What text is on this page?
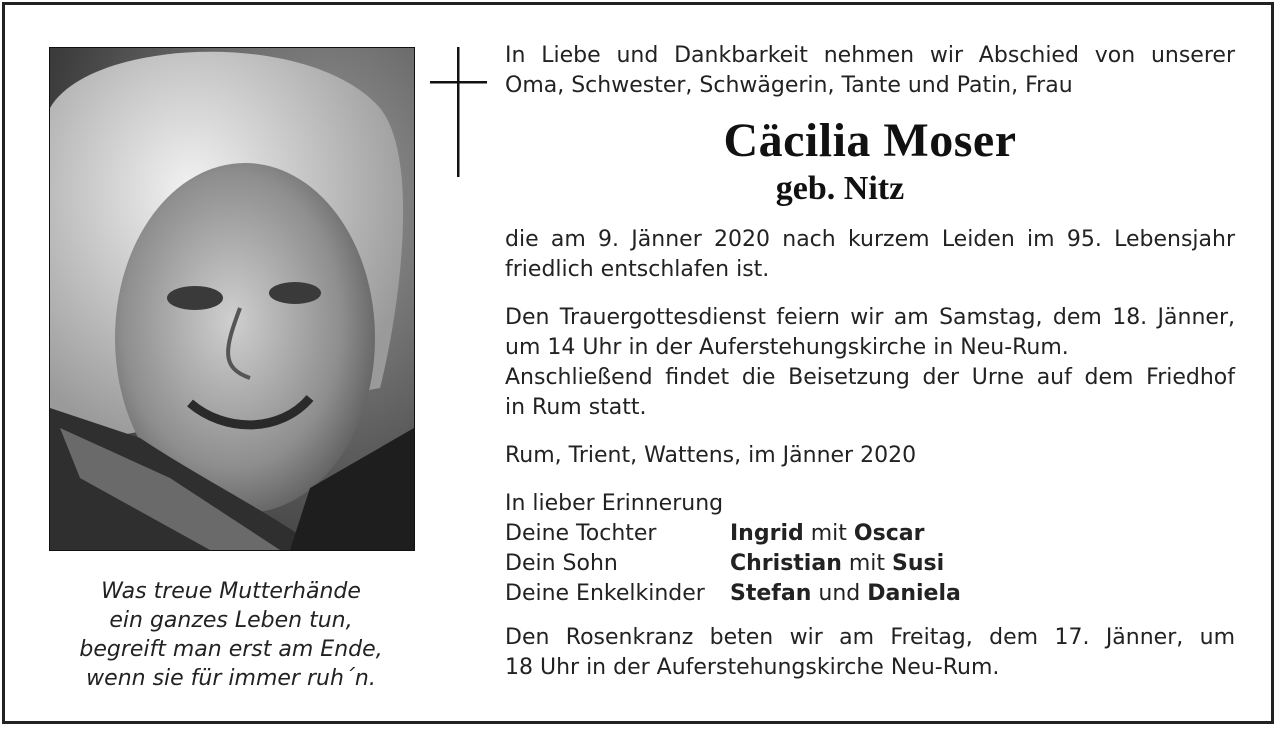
Was treue Mutterhände
ein ganzes Leben tun,
begreift man erst am Ende,
wenn sie für immer ruh´n.
In Liebe und Dankbarkeit nehmen wir Abschied von unserer
Oma, Schwester, Schwägerin, Tante und Patin, Frau
Cäcilia Moser
geb. Nitz
die am 9. Jänner 2020 nach kurzem Leiden im 95. Lebensjahr
friedlich entschlafen ist.
Den Trauergottesdienst feiern wir am Samstag, dem 18. Jänner,
um 14 Uhr in der Auferstehungskirche in Neu-Rum.
Anschließend findet die Beisetzung der Urne auf dem Friedhof
in Rum statt.
Rum, Trient, Wattens, im Jänner 2020
In lieber Erinnerung
Deine Tochter	Ingrid mit Oscar
Dein Sohn	Christian mit Susi
Deine Enkelkinder	Stefan und Daniela
Den Rosenkranz beten wir am Freitag, dem 17. Jänner, um
18 Uhr in der Auferstehungskirche Neu-Rum.
